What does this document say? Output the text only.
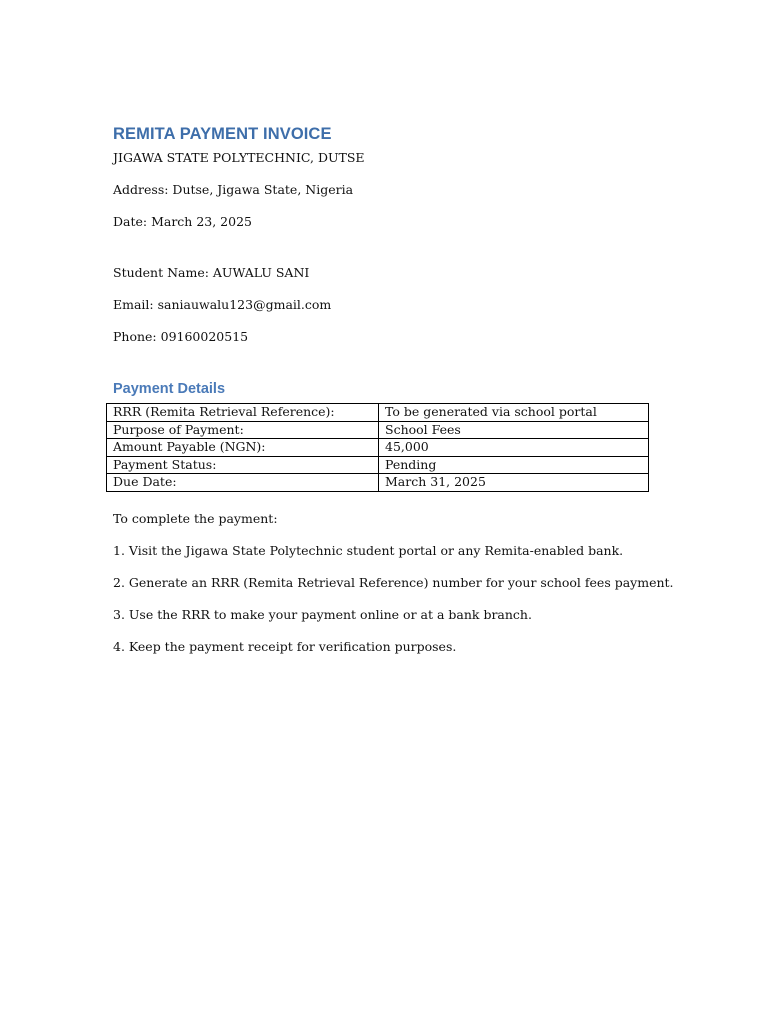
REMITA PAYMENT INVOICE

JIGAWA STATE POLYTECHNIC, DUTSE

Address: Dutse, Jigawa State, Nigeria

Date: March 23, 2025

Student Name: AUWALU SANI

Email: saniauwalu123@gmail.com

Phone: 09160020515

Payment Details
RRR (Remita Retrieval Reference):	To be generated via school portal
Purpose of Payment:	School Fees
Amount Payable (NGN):	45,000
Payment Status:	Pending
Due Date:	March 31, 2025

To complete the payment:

1. Visit the Jigawa State Polytechnic student portal or any Remita-enabled bank.

2. Generate an RRR (Remita Retrieval Reference) number for your school fees payment.

3. Use the RRR to make your payment online or at a bank branch.

4. Keep the payment receipt for verification purposes.
